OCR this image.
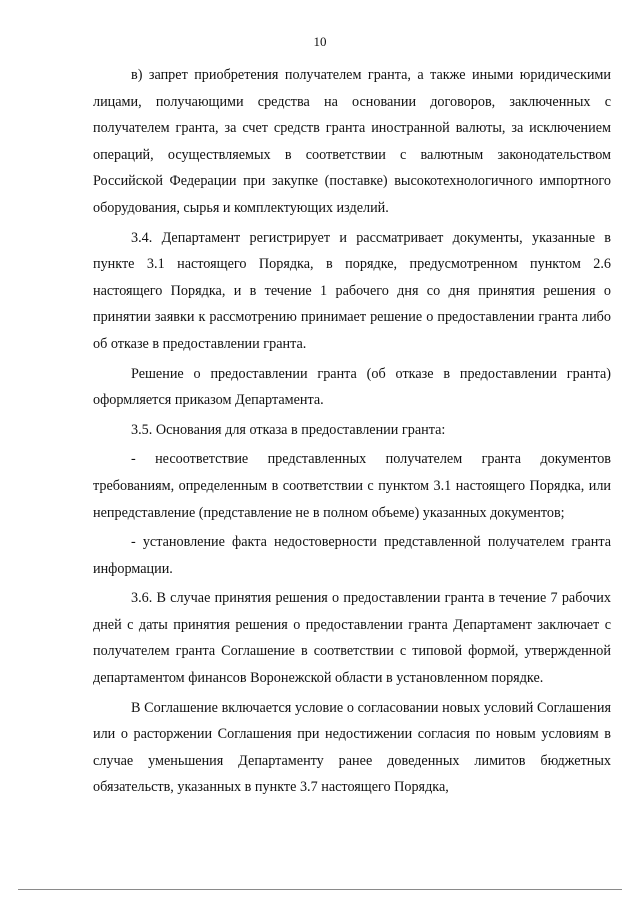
10

в) запрет приобретения получателем гранта, а также иными юридическими лицами, получающими средства на основании договоров, заключенных с получателем гранта, за счет средств гранта иностранной валюты, за исключением операций, осуществляемых в соответствии с валютным законодательством Российской Федерации при закупке (поставке) высокотехнологичного импортного оборудования, сырья и комплектующих изделий.

3.4. Департамент регистрирует и рассматривает документы, указанные в пункте 3.1 настоящего Порядка, в порядке, предусмотренном пунктом 2.6 настоящего Порядка, и в течение 1 рабочего дня со дня принятия решения о принятии заявки к рассмотрению принимает решение о предоставлении гранта либо об отказе в предоставлении гранта.

Решение о предоставлении гранта (об отказе в предоставлении гранта) оформляется приказом Департамента.

3.5. Основания для отказа в предоставлении гранта:

- несоответствие представленных получателем гранта документов требованиям, определенным в соответствии с пунктом 3.1 настоящего Порядка, или непредставление (представление не в полном объеме) указанных документов;

- установление факта недостоверности представленной получателем гранта информации.

3.6. В случае принятия решения о предоставлении гранта в течение 7 рабочих дней с даты принятия решения о предоставлении гранта Департамент заключает с получателем гранта Соглашение в соответствии с типовой формой, утвержденной департаментом финансов Воронежской области в установленном порядке.

В Соглашение включается условие о согласовании новых условий Соглашения или о расторжении Соглашения при недостижении согласия по новым условиям в случае уменьшения Департаменту ранее доведенных лимитов бюджетных обязательств, указанных в пункте 3.7 настоящего Порядка,
